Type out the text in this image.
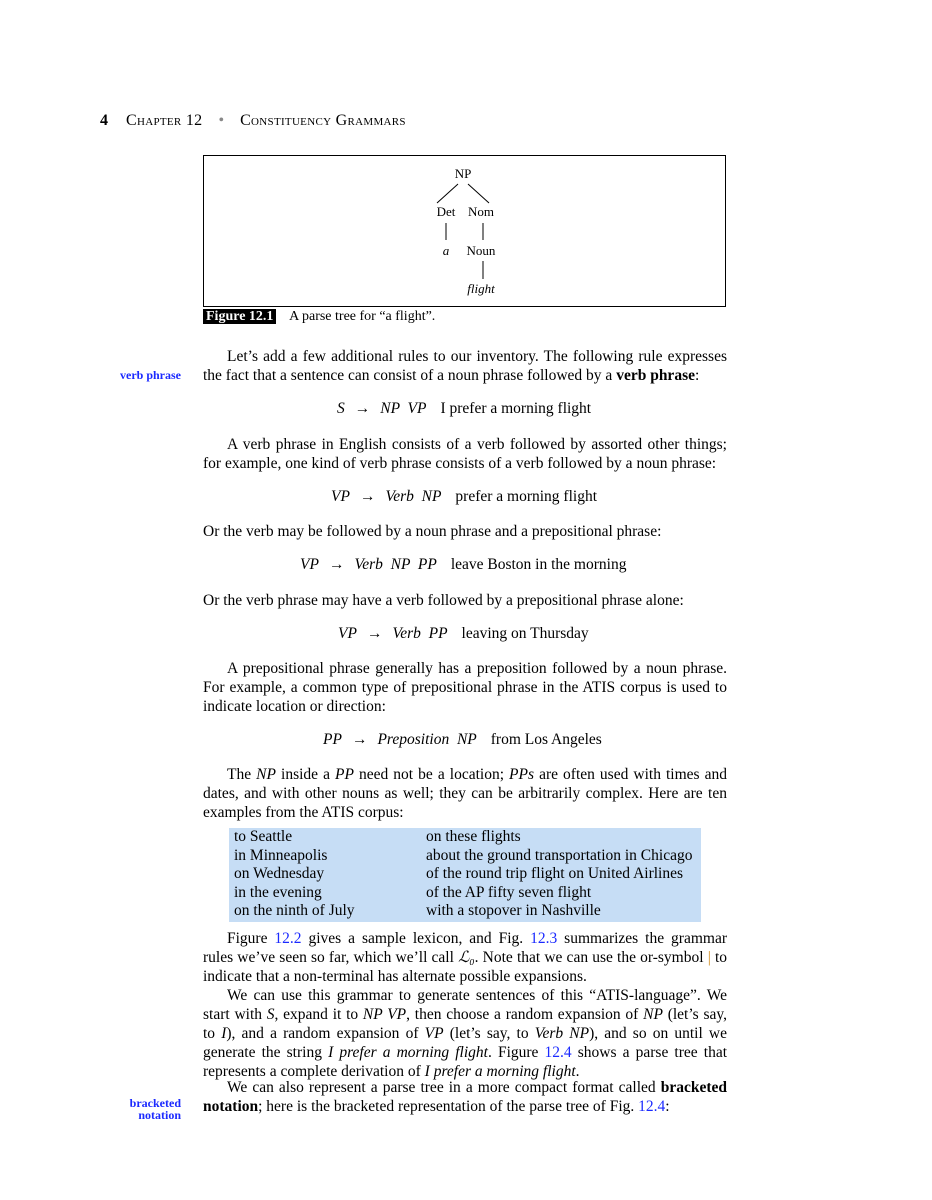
4 Chapter 12 • Constituency Grammars
NP
Det Nom
a Noun
flight
Figure 12.1 A parse tree for “a flight”.
verb phrase
bracketed
notation

Let’s add a few additional rules to our inventory. The following rule expresses the fact that a sentence can consist of a noun phrase followed by a verb phrase:

S → NP  VP I prefer a morning flight

A verb phrase in English consists of a verb followed by assorted other things; for example, one kind of verb phrase consists of a verb followed by a noun phrase:

VP → Verb  NP prefer a morning flight

Or the verb may be followed by a noun phrase and a prepositional phrase:

VP → Verb  NP  PP leave Boston in the morning

Or the verb phrase may have a verb followed by a prepositional phrase alone:

VP → Verb  PP leaving on Thursday

A prepositional phrase generally has a preposition followed by a noun phrase. For example, a common type of prepositional phrase in the ATIS corpus is used to indicate location or direction:

PP → Preposition  NP from Los Angeles

The NP inside a PP need not be a location; PPs are often used with times and dates, and with other nouns as well; they can be arbitrarily complex. Here are ten examples from the ATIS corpus:

to Seattle	on these flights
in Minneapolis	about the ground transportation in Chicago
on Wednesday	of the round trip flight on United Airlines
in the evening	of the AP fifty seven flight
on the ninth of July	with a stopover in Nashville

Figure 12.2 gives a sample lexicon, and Fig. 12.3 summarizes the grammar rules we’ve seen so far, which we’ll call ℒ₀. Note that we can use the or-symbol | to indicate that a non-terminal has alternate possible expansions.

We can use this grammar to generate sentences of this “ATIS-language”. We start with S, expand it to NP VP, then choose a random expansion of NP (let’s say, to I), and a random expansion of VP (let’s say, to Verb NP), and so on until we generate the string I prefer a morning flight. Figure 12.4 shows a parse tree that represents a complete derivation of I prefer a morning flight.

We can also represent a parse tree in a more compact format called bracketed notation; here is the bracketed representation of the parse tree of Fig. 12.4:
